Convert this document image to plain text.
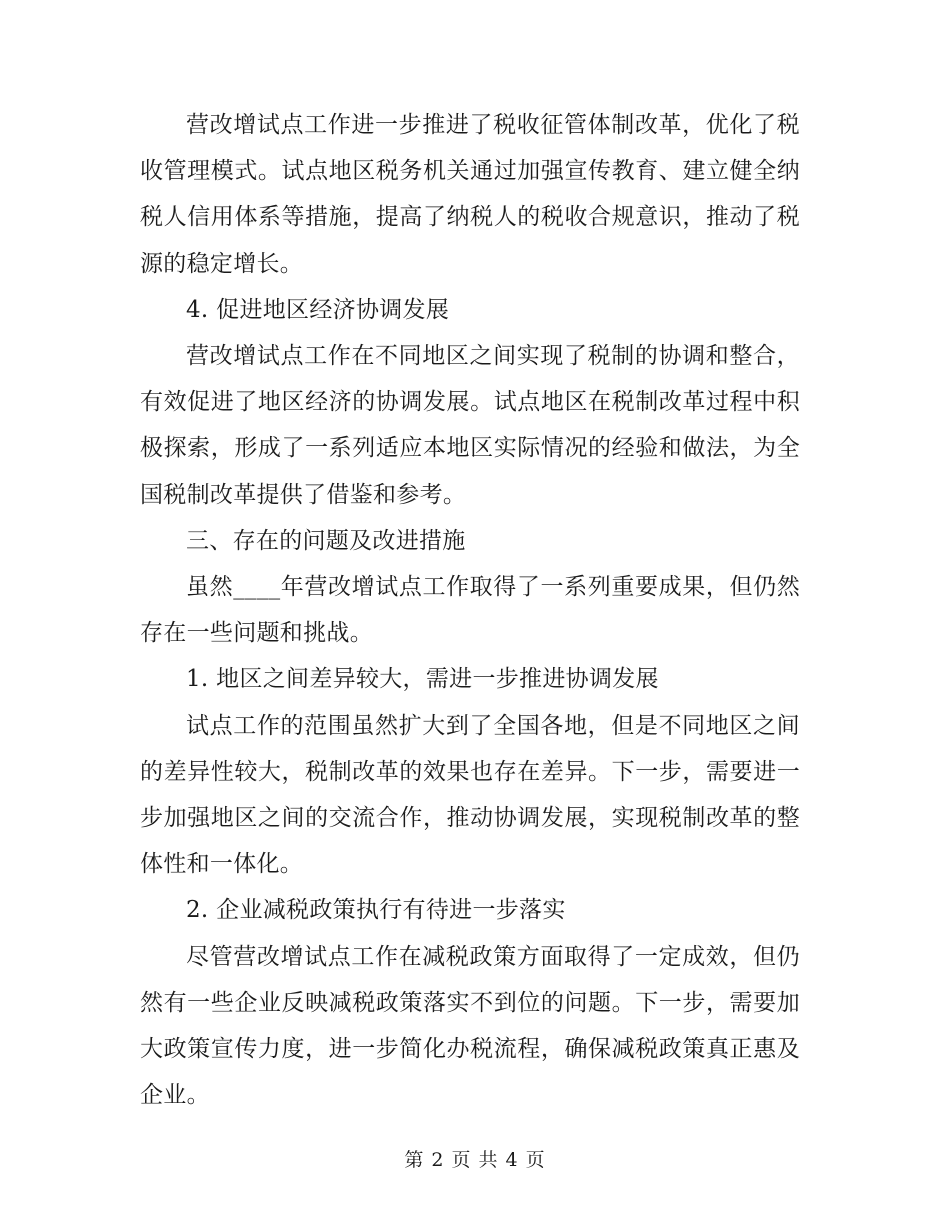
营改增试点工作进一步推进了税收征管体制改革，优化了税收管理模式。试点地区税务机关通过加强宣传教育、建立健全纳税人信用体系等措施，提高了纳税人的税收合规意识，推动了税源的稳定增长。

4. 促进地区经济协调发展

营改增试点工作在不同地区之间实现了税制的协调和整合，有效促进了地区经济的协调发展。试点地区在税制改革过程中积极探索，形成了一系列适应本地区实际情况的经验和做法，为全国税制改革提供了借鉴和参考。

三、存在的问题及改进措施

虽然____年营改增试点工作取得了一系列重要成果，但仍然存在一些问题和挑战。

1. 地区之间差异较大，需进一步推进协调发展

试点工作的范围虽然扩大到了全国各地，但是不同地区之间的差异性较大，税制改革的效果也存在差异。下一步，需要进一步加强地区之间的交流合作，推动协调发展，实现税制改革的整体性和一体化。

2. 企业减税政策执行有待进一步落实

尽管营改增试点工作在减税政策方面取得了一定成效，但仍然有一些企业反映减税政策落实不到位的问题。下一步，需要加大政策宣传力度，进一步简化办税流程，确保减税政策真正惠及企业。

第 2 页 共 4 页
